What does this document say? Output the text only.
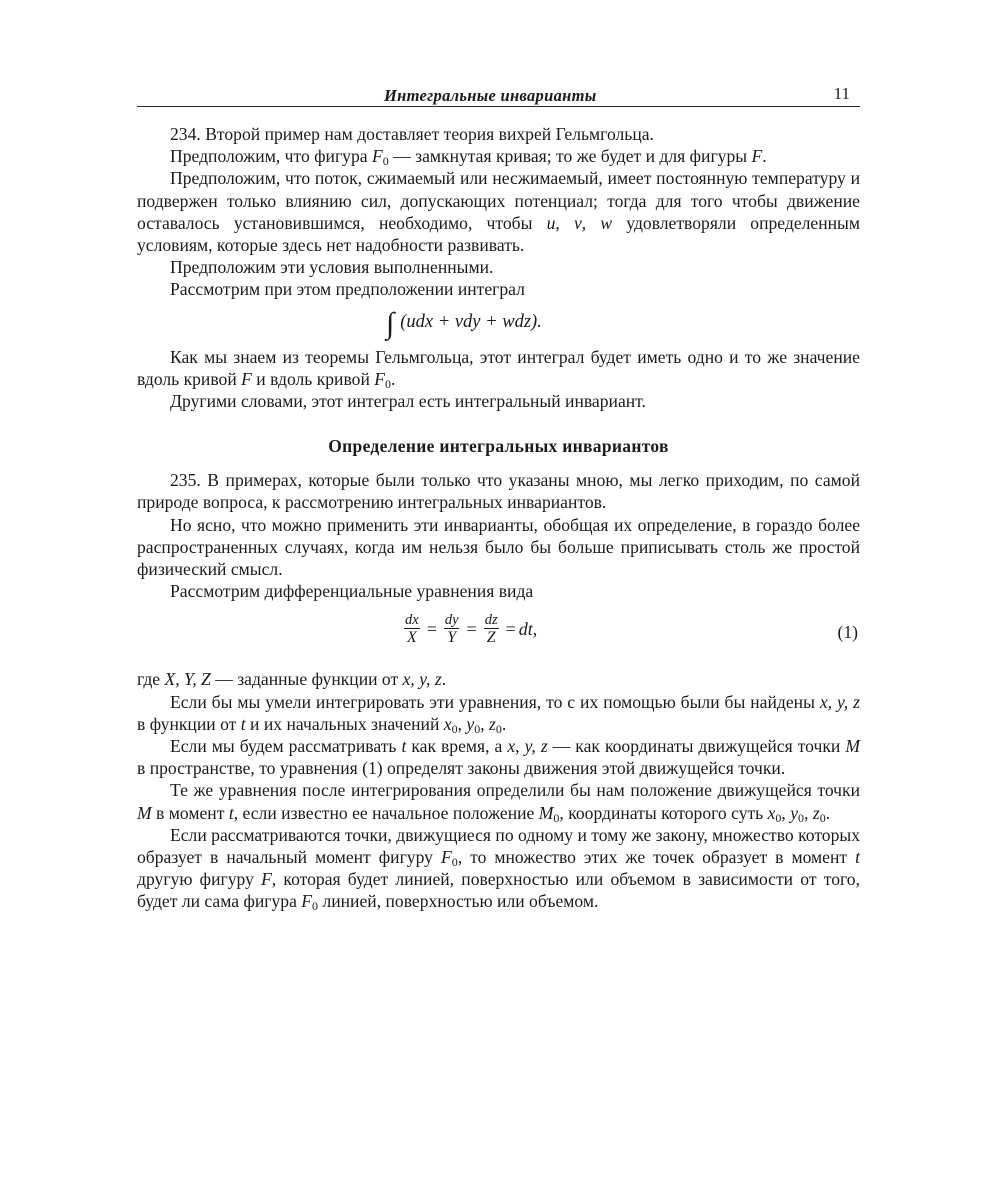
Интегральные инварианты	11

234. Второй пример нам доставляет теория вихрей Гельмгольца.

Предположим, что фигура $F_0$ — замкнутая кривая; то же будет и для фигуры F.

Предположим, что поток, сжимаемый или несжимаемый, имеет постоянную температуру и подвержен только влиянию сил, допускающих потенциал; тогда для того чтобы движение оставалось установившимся, необходимо, чтобы u, v, w удовлетворяли определенным условиям, которые здесь нет надобности развивать.

Предположим эти условия выполненными.

Рассмотрим при этом предположении интеграл

∫ (udx + vdy + wdz).

Как мы знаем из теоремы Гельмгольца, этот интеграл будет иметь одно и то же значение вдоль кривой F и вдоль кривой $F_0$.

Другими словами, этот интеграл есть интегральный инвариант.

Определение интегральных инвариантов

235. В примерах, которые были только что указаны мною, мы легко приходим, по самой природе вопроса, к рассмотрению интегральных инвариантов.

Но ясно, что можно применить эти инварианты, обобщая их определение, в гораздо более распространенных случаях, когда им нельзя было бы больше приписывать столь же простой физический смысл.

Рассмотрим дифференциальные уравнения вида

$\frac{dx}{X} = \frac{dy}{Y} = \frac{dz}{Z}$ = dt,	(1)

где X, Y, Z — заданные функции от x, y, z.

Если бы мы умели интегрировать эти уравнения, то с их помощью были бы найдены x, y, z в функции от t и их начальных значений $x_0$, $y_0$, $z_0$.

Если мы будем рассматривать t как время, а x, y, z — как координаты движущейся точки M в пространстве, то уравнения (1) определят законы движения этой движущейся точки.

Те же уравнения после интегрирования определили бы нам положение движущейся точки M в момент t, если известно ее начальное положение $M_0$, координаты которого суть $x_0$, $y_0$, $z_0$.

Если рассматриваются точки, движущиеся по одному и тому же закону, множество которых образует в начальный момент фигуру $F_0$, то множество этих же точек образует в момент t другую фигуру F, которая будет линией, поверхностью или объемом в зависимости от того, будет ли сама фигура $F_0$ линией, поверхностью или объемом.
